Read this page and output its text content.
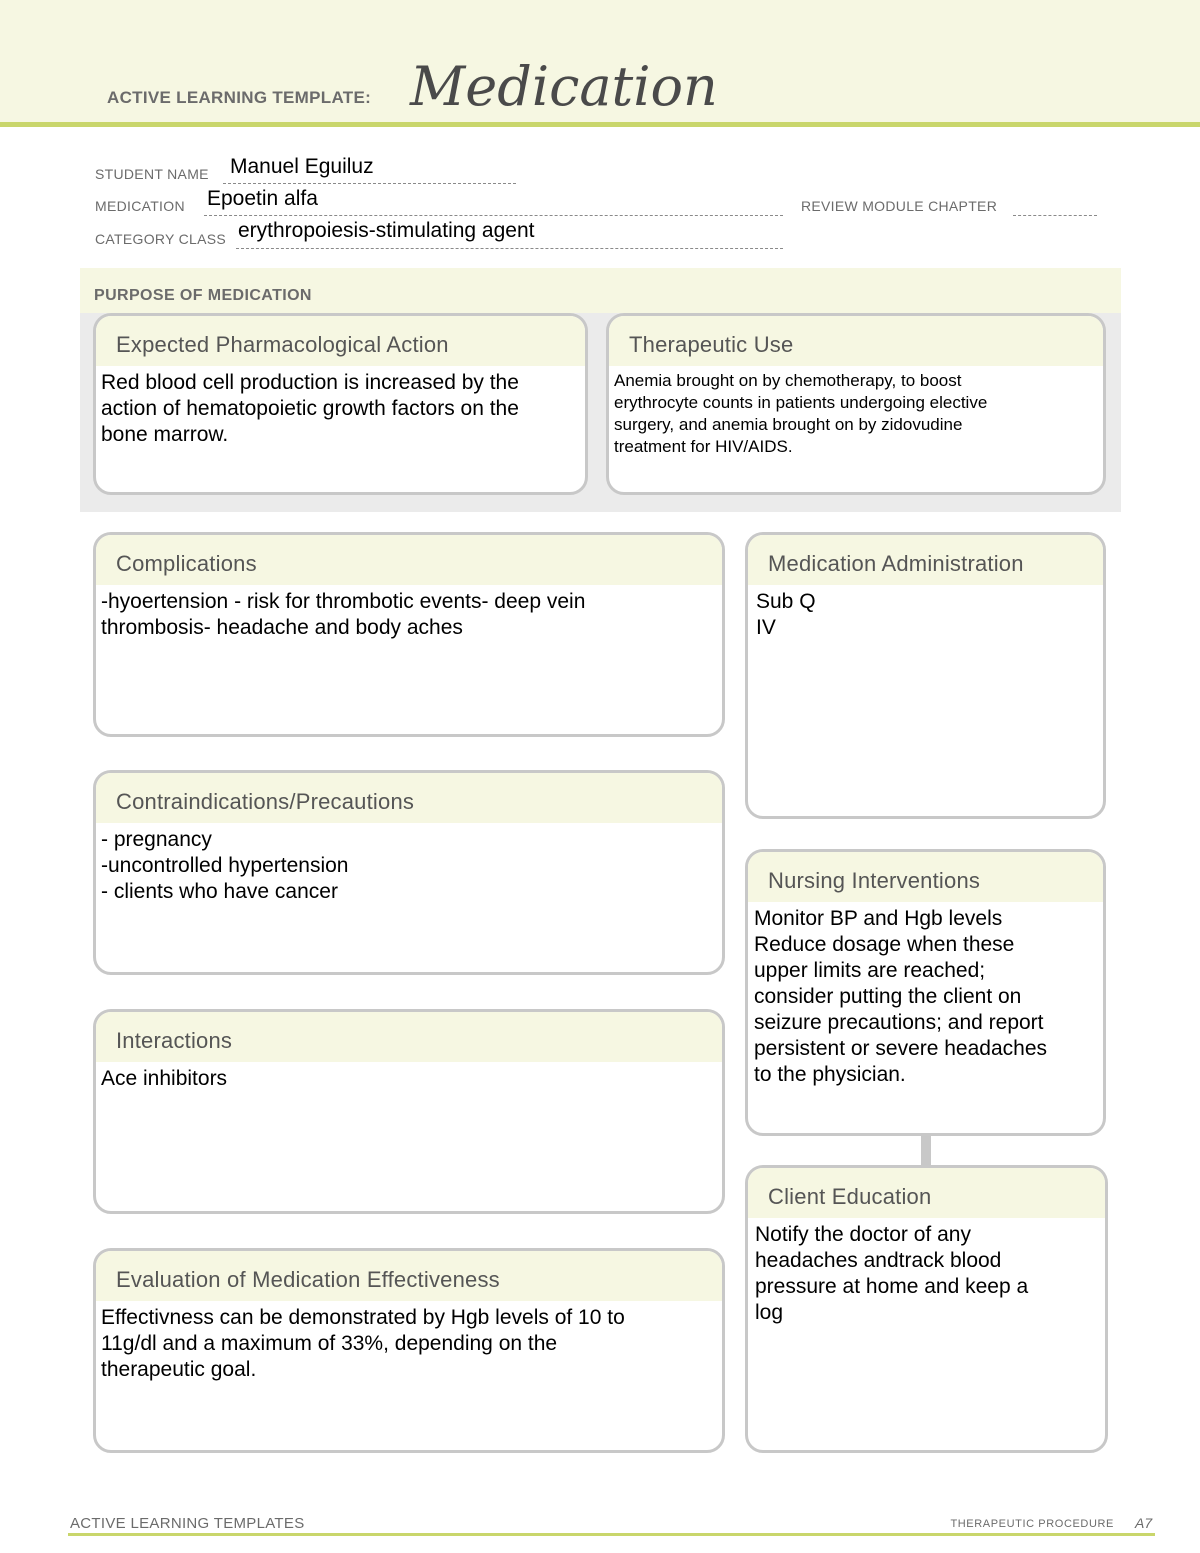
ACTIVE LEARNING TEMPLATE: Medication
STUDENT NAME Manuel Eguiluz
MEDICATION Epoetin alfa	REVIEW MODULE CHAPTER
CATEGORY CLASS erythropoiesis-stimulating agent
PURPOSE OF MEDICATION
Expected Pharmacological Action
Red blood cell production is increased by the
action of hematopoietic growth factors on the
bone marrow.
Therapeutic Use
Anemia brought on by chemotherapy, to boost
erythrocyte counts in patients undergoing elective
surgery, and anemia brought on by zidovudine
treatment for HIV/AIDS.
Complications
-hyoertension - risk for thrombotic events- deep vein
thrombosis- headache and body aches
Contraindications/Precautions
- pregnancy
-uncontrolled hypertension
- clients who have cancer
Interactions
Ace inhibitors
Evaluation of Medication Effectiveness
Effectivness can be demonstrated by Hgb levels of 10 to
11g/dl and a maximum of 33%, depending on the
therapeutic goal.
Medication Administration
Sub Q
IV
Nursing Interventions
Monitor BP and Hgb levels
Reduce dosage when these
upper limits are reached;
consider putting the client on
seizure precautions; and report
persistent or severe headaches
to the physician.
Client Education
Notify the doctor of any
headaches andtrack blood
pressure at home and keep a
log
ACTIVE LEARNING TEMPLATES	THERAPEUTIC PROCEDURE A7
